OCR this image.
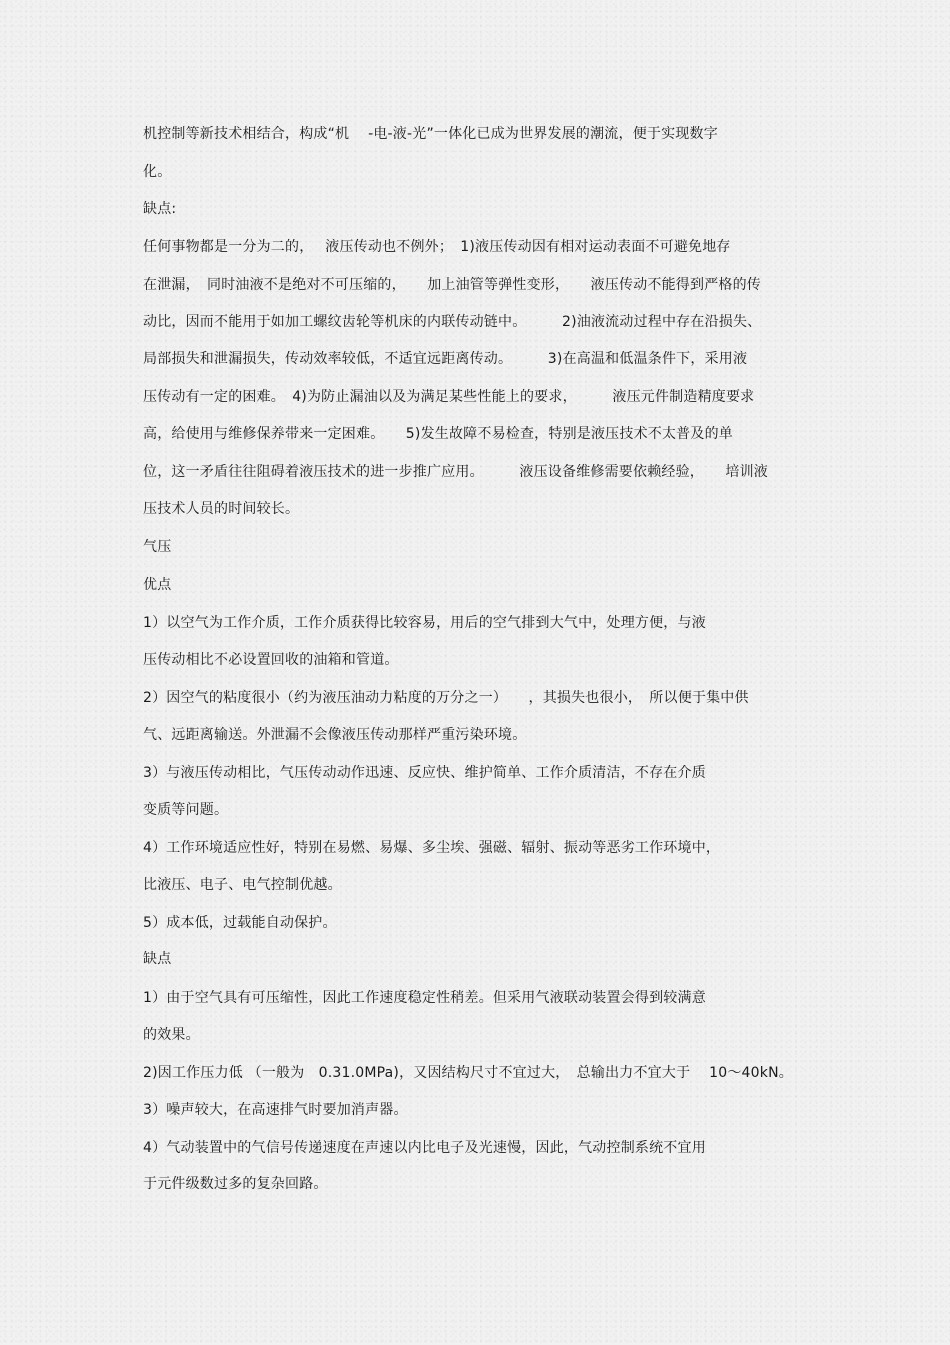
机控制等新技术相结合，构成“机　 -电-液-光”一体化已成为世界发展的潮流，便于实现数字
化。
缺点:
任何事物都是一分为二的，　 液压传动也不例外；　1)液压传动因有相对运动表面不可避免地存
在泄漏，　同时油液不是绝对不可压缩的，　　加上油管等弹性变形，　　液压传动不能得到严格的传
动比，因而不能用于如加工螺纹齿轮等机床的内联传动链中。　　　2)油液流动过程中存在沿损失、
局部损失和泄漏损失，传动效率较低，不适宜远距离传动。　　　3)在高温和低温条件下，采用液
压传动有一定的困难。　4)为防止漏油以及为满足某些性能上的要求，　　　液压元件制造精度要求
高，给使用与维修保养带来一定困难。　　5)发生故障不易检查，特别是液压技术不太普及的单
位，这一矛盾往往阻碍着液压技术的进一步推广应用。　　　液压设备维修需要依赖经验，　　培训液
压技术人员的时间较长。
气压
优点
1）以空气为工作介质，工作介质获得比较容易，用后的空气排到大气中，处理方便，与液
压传动相比不必设置回收的油箱和管道。
2）因空气的粘度很小（约为液压油动力粘度的万分之一）　　，其损失也很小，　所以便于集中供
气、远距离输送。外泄漏不会像液压传动那样严重污染环境。
3）与液压传动相比，气压传动动作迅速、反应快、维护简单、工作介质清洁，不存在介质
变质等问题。
4）工作环境适应性好，特别在易燃、易爆、多尘埃、强磁、辐射、振动等恶劣工作环境中，
比液压、电子、电气控制优越。
5）成本低，过载能自动保护。
缺点
1）由于空气具有可压缩性，因此工作速度稳定性稍差。但采用气液联动装置会得到较满意
的效果。
2)因工作压力低 （一般为　0.31.0MPa)，又因结构尺寸不宜过大，　总输出力不宜大于　 10～40kN。
3）噪声较大，在高速排气时要加消声器。
4）气动装置中的气信号传递速度在声速以内比电子及光速慢，因此，气动控制系统不宜用
于元件级数过多的复杂回路。
